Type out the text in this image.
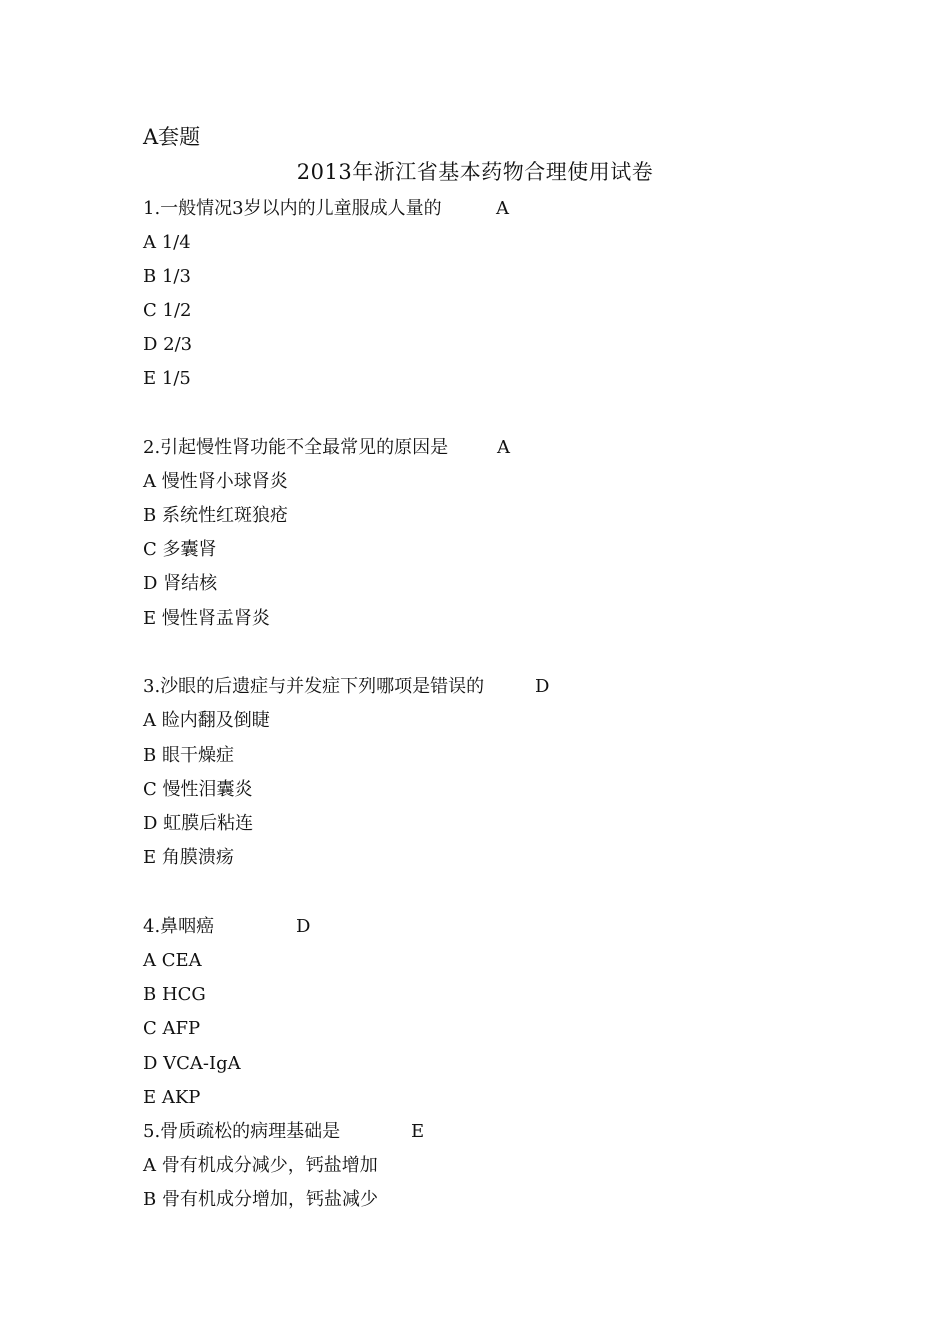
A套题
2013年浙江省基本药物合理使用试卷
1.一般情况3岁以内的儿童服成人量的	A
A 1/4
B 1/3
C 1/2
D 2/3
E 1/5
2.引起慢性肾功能不全最常见的原因是	A
A 慢性肾小球肾炎
B 系统性红斑狼疮
C 多囊肾
D 肾结核
E 慢性肾盂肾炎
3.沙眼的后遗症与并发症下列哪项是错误的	D
A 睑内翻及倒睫
B 眼干燥症
C 慢性泪囊炎
D 虹膜后粘连
E 角膜溃疡
4.鼻咽癌	D
A CEA
B HCG
C AFP
D VCA-IgA
E AKP
5.骨质疏松的病理基础是	E
A 骨有机成分减少，钙盐增加
B 骨有机成分增加，钙盐减少
